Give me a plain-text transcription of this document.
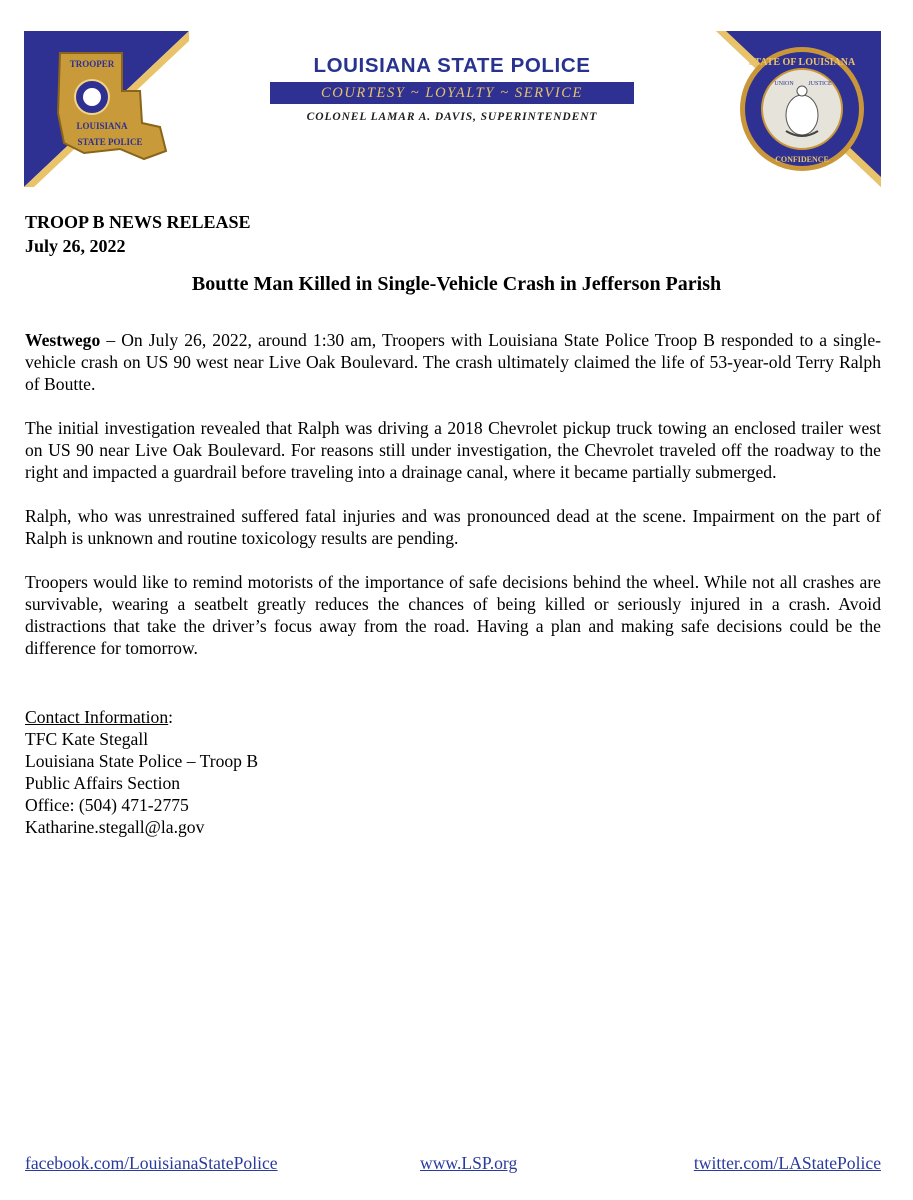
TROOPER
LOUISIANA
STATE POLICE
LOUISIANA STATE POLICE
COURTESY ~ LOYALTY ~ SERVICE
COLONEL LAMAR A. DAVIS, SUPERINTENDENT
STATE OF LOUISIANA
CONFIDENCE
UNION JUSTICE
TROOP B NEWS RELEASE
July 26, 2022
Boutte Man Killed in Single-Vehicle Crash in Jefferson Parish

Westwego – On July 26, 2022, around 1:30 am, Troopers with Louisiana State Police Troop B responded to a single-vehicle crash on US 90 west near Live Oak Boulevard. The crash ultimately claimed the life of 53-year-old Terry Ralph of Boutte.

The initial investigation revealed that Ralph was driving a 2018 Chevrolet pickup truck towing an enclosed trailer west on US 90 near Live Oak Boulevard. For reasons still under investigation, the Chevrolet traveled off the roadway to the right and impacted a guardrail before traveling into a drainage canal, where it became partially submerged.

Ralph, who was unrestrained suffered fatal injuries and was pronounced dead at the scene. Impairment on the part of Ralph is unknown and routine toxicology results are pending.

Troopers would like to remind motorists of the importance of safe decisions behind the wheel. While not all crashes are survivable, wearing a seatbelt greatly reduces the chances of being killed or seriously injured in a crash. Avoid distractions that take the driver’s focus away from the road. Having a plan and making safe decisions could be the difference for tomorrow.

Contact Information:
TFC Kate Stegall
Louisiana State Police – Troop B
Public Affairs Section
Office: (504) 471-2775
Katharine.stegall@la.gov
facebook.com/LouisianaStatePolice	www.LSP.org	twitter.com/LAStatePolice
